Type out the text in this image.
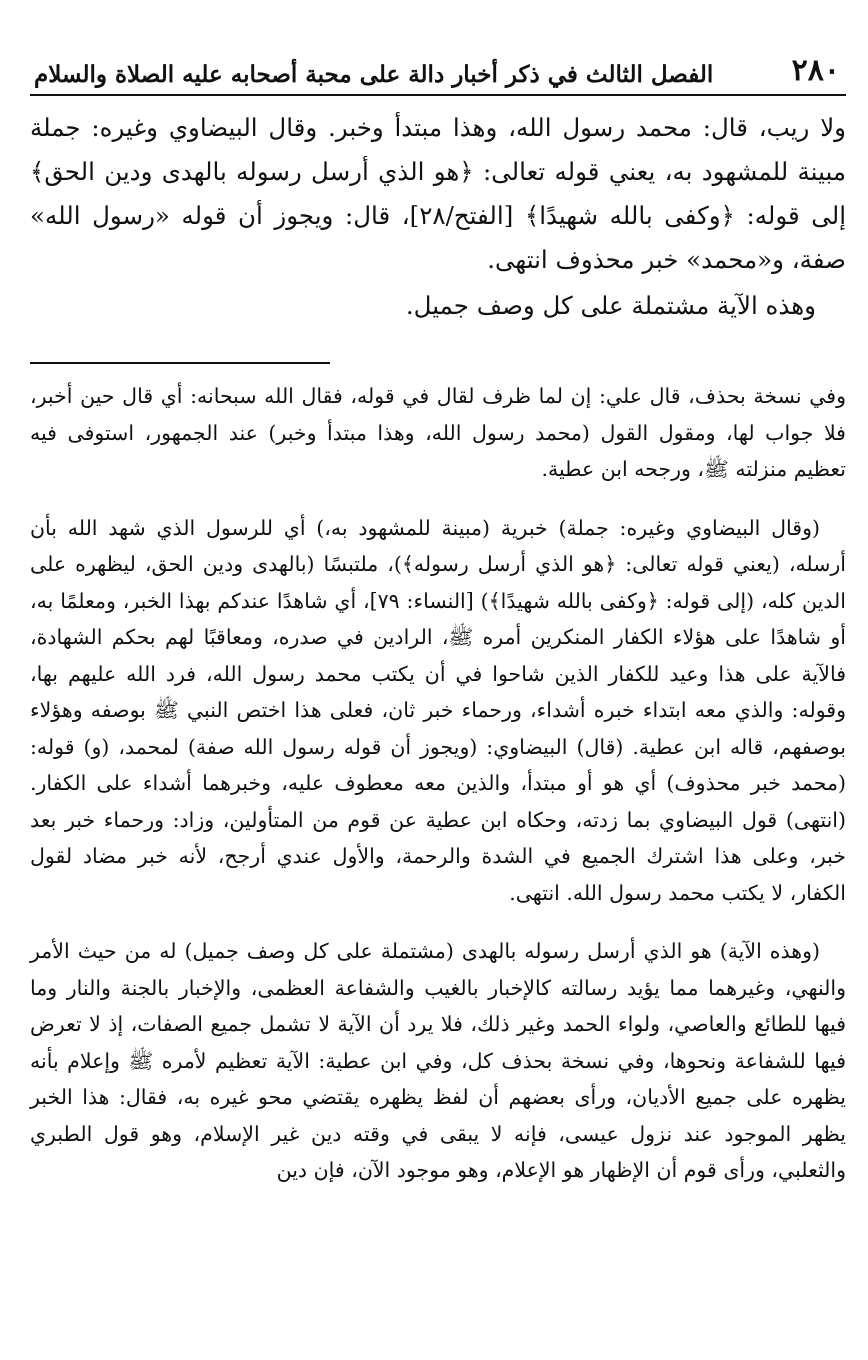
٢٨٠
الفصل الثالث في ذكر أخبار دالة على محبة أصحابه عليه الصلاة والسلام

ولا ريب، قال: محمد رسول الله، وهذا مبتدأ وخبر. وقال البيضاوي وغيره: جملة مبينة للمشهود به، يعني قوله تعالى: ﴿هو الذي أرسل رسوله بالهدى ودين الحق﴾ إلى قوله: ﴿وكفى بالله شهيدًا﴾ [الفتح/٢٨]، قال: ويجوز أن قوله «رسول الله» صفة، و«محمد» خبر محذوف انتهى.

وهذه الآية مشتملة على كل وصف جميل.

وفي نسخة بحذف، قال علي: إن لما ظرف لقال في قوله، فقال الله سبحانه: أي قال حين أخبر، فلا جواب لها، ومقول القول (محمد رسول الله، وهذا مبتدأ وخبر) عند الجمهور، استوفى فيه تعظيم منزلته ﷺ، ورجحه ابن عطية.

(وقال البيضاوي وغيره: جملة) خبرية (مبينة للمشهود به،) أي للرسول الذي شهد الله بأن أرسله، (يعني قوله تعالى: ﴿هو الذي أرسل رسوله﴾)، ملتبسًا (بالهدى ودين الحق، ليظهره على الدين كله، (إلى قوله: ﴿وكفى بالله شهيدًا﴾) [النساء: ٧٩]، أي شاهدًا عندكم بهذا الخبر، ومعلمًا به، أو شاهدًا على هؤلاء الكفار المنكرين أمره ﷺ، الرادين في صدره، ومعاقبًا لهم بحكم الشهادة، فالآية على هذا وعيد للكفار الذين شاحوا في أن يكتب محمد رسول الله، فرد الله عليهم بها، وقوله: والذي معه ابتداء خبره أشداء، ورحماء خبر ثان، فعلى هذا اختص النبي ﷺ بوصفه وهؤلاء بوصفهم، قاله ابن عطية. (قال) البيضاوي: (ويجوز أن قوله رسول الله صفة) لمحمد، (و) قوله: (محمد خبر محذوف) أي هو أو مبتدأ، والذين معه معطوف عليه، وخبرهما أشداء على الكفار. (انتهى) قول البيضاوي بما زدته، وحكاه ابن عطية عن قوم من المتأولين، وزاد: ورحماء خبر بعد خبر، وعلى هذا اشترك الجميع في الشدة والرحمة، والأول عندي أرجح، لأنه خبر مضاد لقول الكفار، لا يكتب محمد رسول الله. انتهى.

(وهذه الآية) هو الذي أرسل رسوله بالهدى (مشتملة على كل وصف جميل) له من حيث الأمر والنهي، وغيرهما مما يؤيد رسالته كالإخبار بالغيب والشفاعة العظمى، والإخبار بالجنة والنار وما فيها للطائع والعاصي، ولواء الحمد وغير ذلك، فلا يرد أن الآية لا تشمل جميع الصفات، إذ لا تعرض فيها للشفاعة ونحوها، وفي نسخة بحذف كل، وفي ابن عطية: الآية تعظيم لأمره ﷺ وإعلام بأنه يظهره على جميع الأديان، ورأى بعضهم أن لفظ يظهره يقتضي محو غيره به، فقال: هذا الخبر يظهر الموجود عند نزول عيسى، فإنه لا يبقى في وقته دين غير الإسلام، وهو قول الطبري والثعلبي، ورأى قوم أن الإظهار هو الإعلام، وهو موجود الآن، فإن دين
